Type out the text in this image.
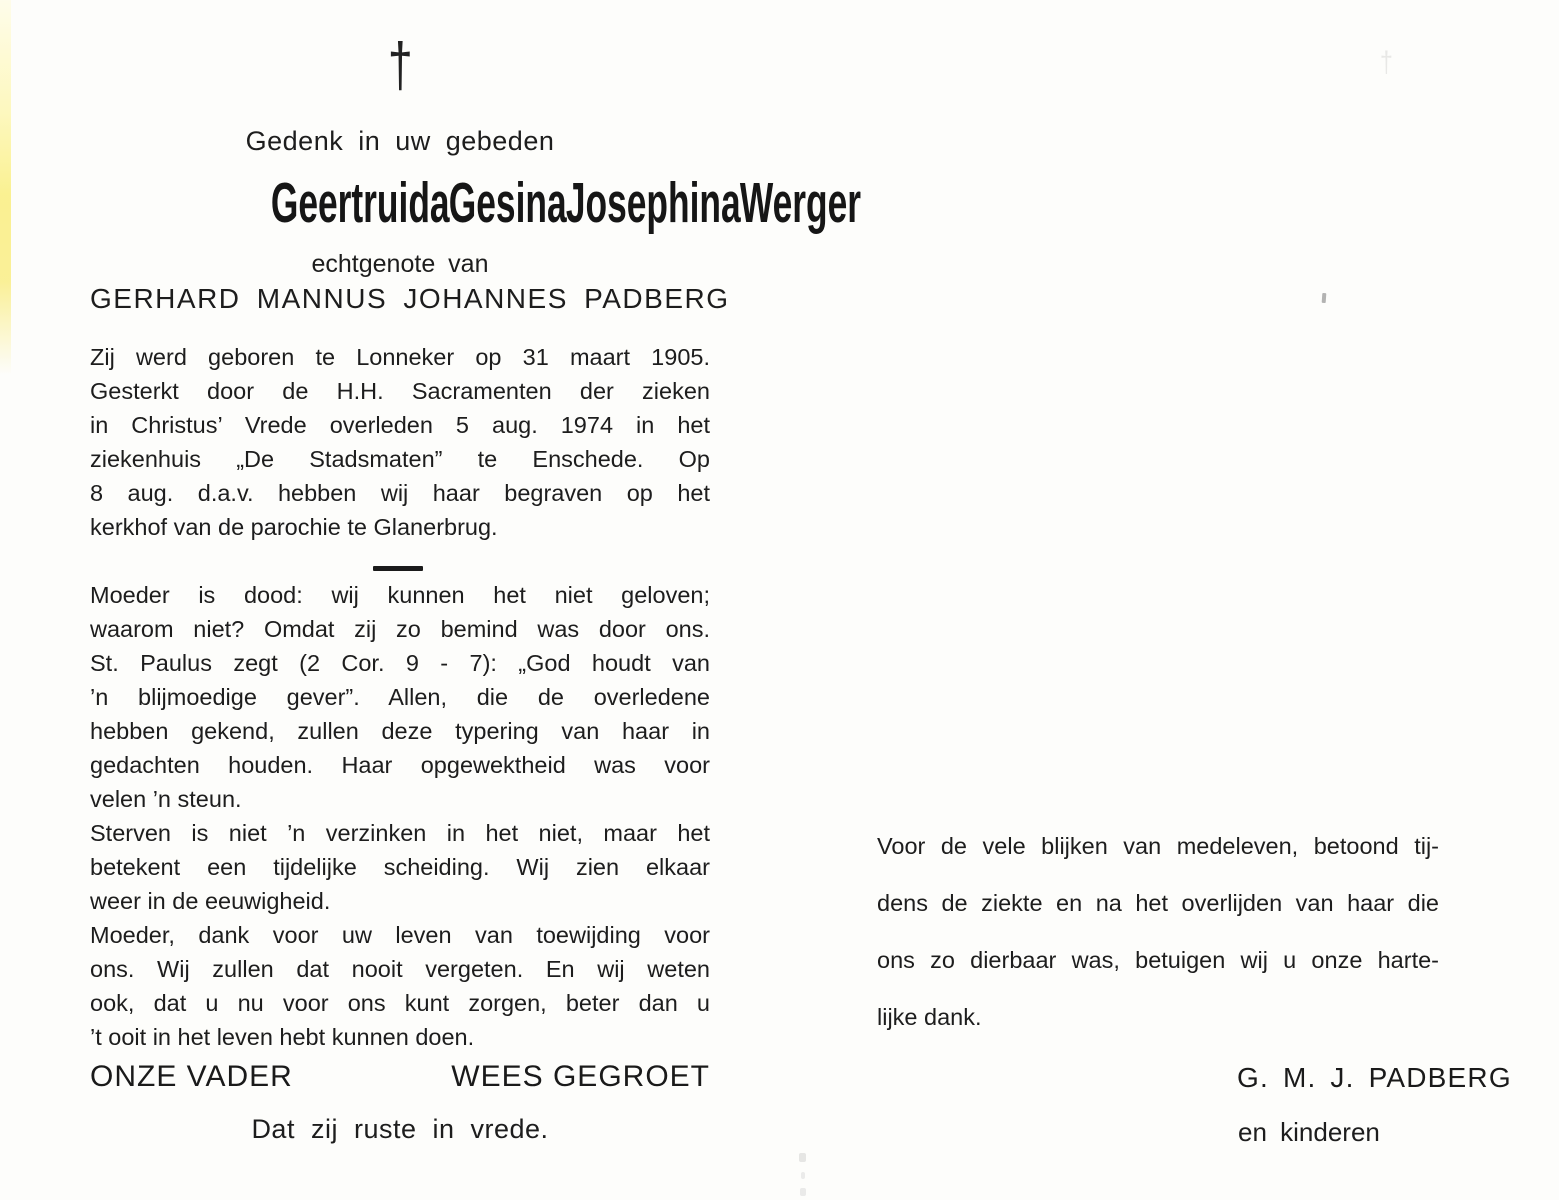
†
†
Gedenk in uw gebeden
Geertruida Gesina Josephina Werger
echtgenote van
GERHARD MANNUS JOHANNES PADBERG
Zij werd geboren te Lonneker op 31 maart 1905.
Gesterkt door de H.H. Sacramenten der zieken
in Christus’ Vrede overleden 5 aug. 1974 in het
ziekenhuis „De Stadsmaten” te Enschede. Op
8 aug. d.a.v. hebben wij haar begraven op het
kerkhof van de parochie te Glanerbrug.
Moeder is dood: wij kunnen het niet geloven;
waarom niet? Omdat zij zo bemind was door ons.
St. Paulus zegt (2 Cor. 9 - 7): „God houdt van
’n blijmoedige gever”. Allen, die de overledene
hebben gekend, zullen deze typering van haar in
gedachten houden. Haar opgewektheid was voor
velen ’n steun.
Sterven is niet ’n verzinken in het niet, maar het
betekent een tijdelijke scheiding. Wij zien elkaar
weer in de eeuwigheid.
Moeder, dank voor uw leven van toewijding voor
ons. Wij zullen dat nooit vergeten. En wij weten
ook, dat u nu voor ons kunt zorgen, beter dan u
’t ooit in het leven hebt kunnen doen.
ONZE VADER	WEES GEGROET
Dat zij ruste in vrede.
Voor de vele blijken van medeleven, betoond tij-
dens de ziekte en na het overlijden van haar die
ons zo dierbaar was, betuigen wij u onze harte-
lijke dank.
G. M. J. PADBERG
en kinderen
